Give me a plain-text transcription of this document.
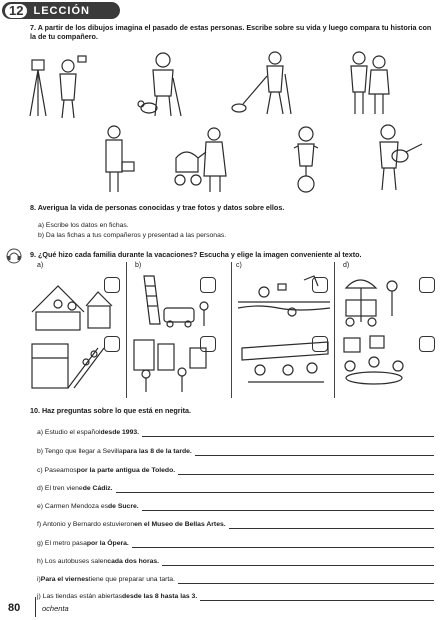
12 LECCIÓN
7. A partir de los dibujos imagina el pasado de estas personas. Escribe sobre su vida y luego compara tu historia con la de tu compañero.
8. Averigua la vida de personas conocidas y trae fotos y datos sobre ellos.
a) Escribe los datos en fichas.
b) Da las fichas a tus compañeros y presentad a las personas.
9. ¿Qué hizo cada familia durante la vacaciones? Escucha y elige la imagen conveniente al texto.
a)	b)	c)	d)
10. Haz preguntas sobre lo que está en negrita.
a) Estudio el español desde 1993.
b) Tengo que llegar a Sevilla para las 8 de la tarde.
c) Paseamos por la parte antigua de Toledo.
d) El tren viene de Cádiz.
e) Carmen Mendoza es de Sucre.
f) Antonio y Bernardo estuvieron en el Museo de Bellas Artes.
g) El metro pasa por la Ópera.
h) Los autobuses salen cada dos horas.
i) Para el viernes tiene que preparar una tarta.
j) Las tiendas están abiertas desde las 8 hasta las 3.
80	ochenta
